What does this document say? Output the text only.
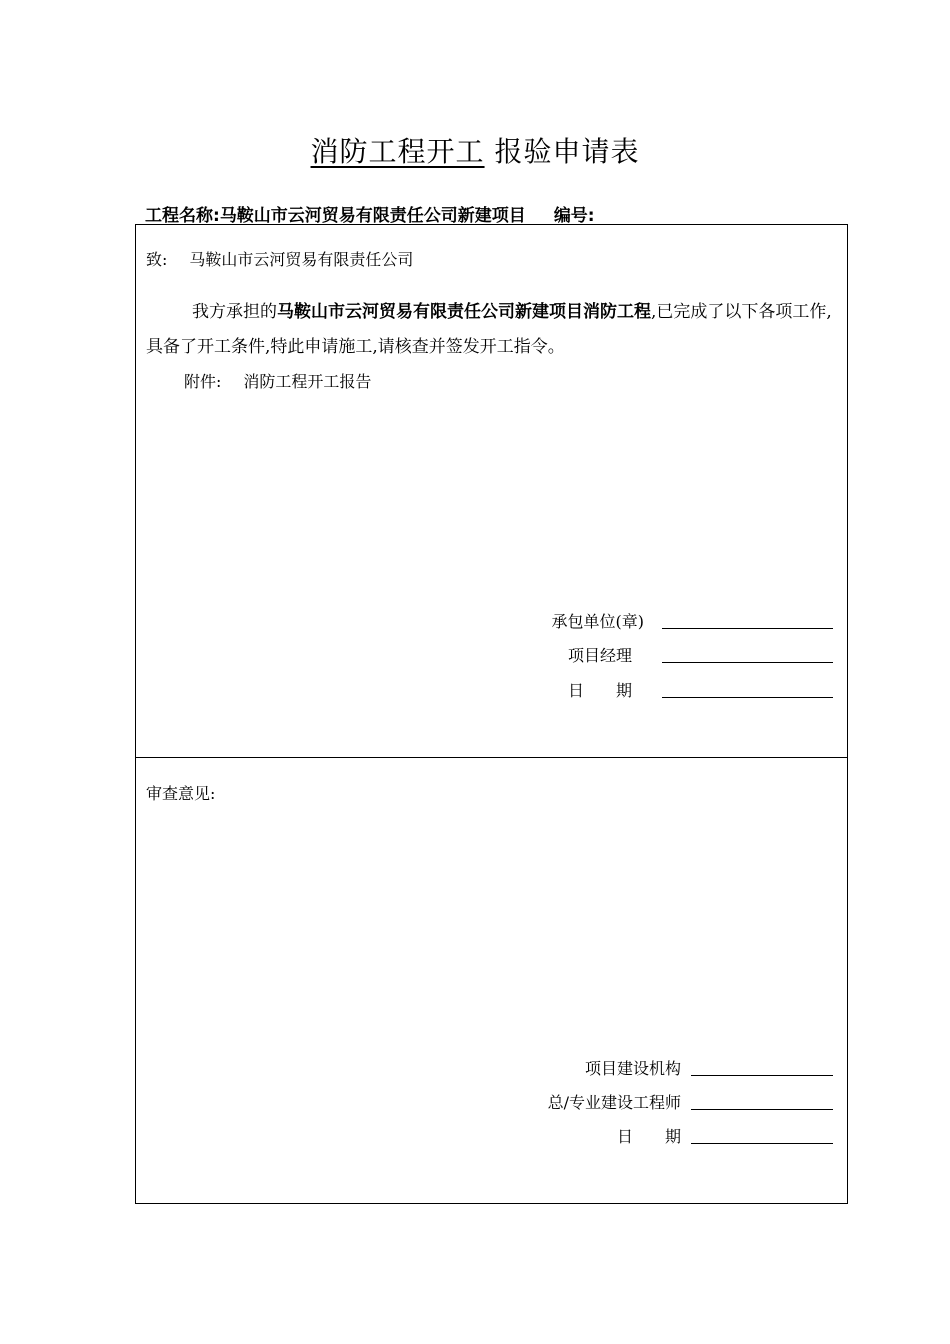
消防工程开工 报验申请表
工程名称:马鞍山市云河贸易有限责任公司新建项目 编号:
致: 马鞍山市云河贸易有限责任公司
我方承担的马鞍山市云河贸易有限责任公司新建项目消防工程,已完成了以下各项工作,具备了开工条件,特此申请施工,请核查并签发开工指令。
附件: 消防工程开工报告
承包单位(章)
项目经理
日　　期
审查意见:
项目建设机构
总/专业建设工程师
日　　期
